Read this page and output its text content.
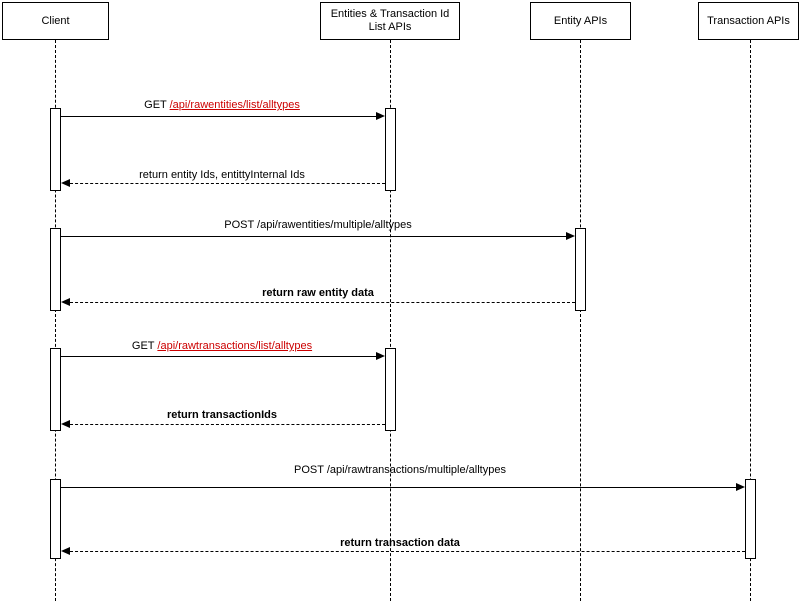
Client
Entities & Transaction Id List APIs
Entity APIs	Transaction APIs
GET /api/rawentities/list/alltypes
return entity Ids, entittyInternal Ids
POST /api/rawentities/multiple/alltypes
return raw entity data
GET /api/rawtransactions/list/alltypes
return transactionIds
POST /api/rawtransactions/multiple/alltypes
return transaction data
